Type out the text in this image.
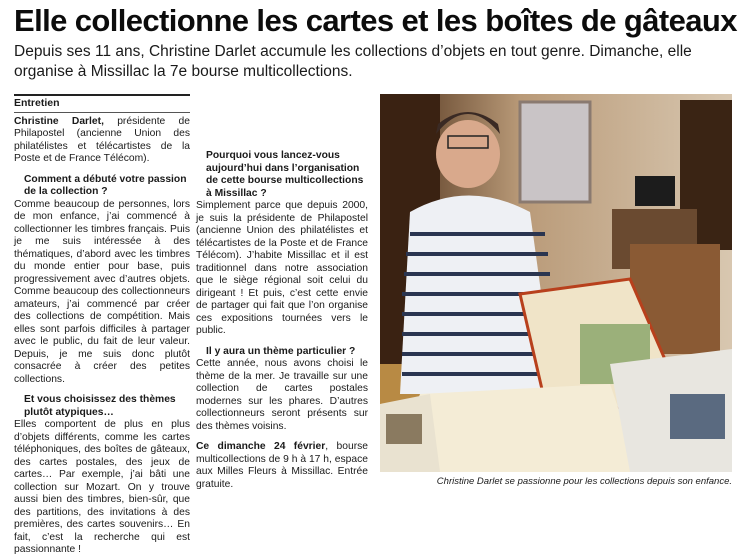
Elle collectionne les cartes et les boîtes de gâteaux
Depuis ses 11 ans, Christine Darlet accumule les collections d’objets en tout genre. Dimanche, elle organise à Missillac la 7e bourse multicollections.
Entretien

Christine Darlet, présidente de Philapostel (ancienne Union des philatélistes et télécartistes de la Poste et de France Télécom).

Comment a débuté votre passion de la collection ?

Comme beaucoup de personnes, lors de mon enfance, j’ai commencé à collectionner les timbres français. Puis je me suis intéressée à des thématiques, d’abord avec les timbres du monde entier pour base, puis progressivement avec d’autres objets. Comme beaucoup des collectionneurs amateurs, j’ai commencé par créer des collections de compétition. Mais elles sont parfois difficiles à partager avec le public, du fait de leur valeur. Depuis, je me suis donc plutôt consacrée à créer des petites collections.

Et vous choisissez des thèmes plutôt atypiques…

Elles comportent de plus en plus d’objets différents, comme les cartes téléphoniques, des boîtes de gâteaux, des cartes postales, des jeux de cartes… Par exemple, j’ai bâti une collection sur Mozart. On y trouve aussi bien des timbres, bien-sûr, que des partitions, des invitations à des premières, des cartes souvenirs… En fait, c’est la recherche qui est passionnante !

Pourquoi vous lancez-vous aujourd’hui dans l’organisation de cette bourse multicollections à Missillac ?

Simplement parce que depuis 2000, je suis la présidente de Philapostel (ancienne Union des philatélistes et télécartistes de la Poste et de France Télécom). J’habite Missillac et il est traditionnel dans notre association que le siège régional soit celui du dirigeant ! Et puis, c’est cette envie de partager qui fait que l’on organise ces expositions tournées vers le public.

Il y aura un thème particulier ?

Cette année, nous avons choisi le thème de la mer. Je travaille sur une collection de cartes postales modernes sur les phares. D’autres collectionneurs seront présents sur des thèmes voisins.

Ce dimanche 24 février, bourse multicollections de 9 h à 17 h, espace aux Milles Fleurs à Missillac. Entrée gratuite.	Christine Darlet se passionne pour les collections depuis son enfance.
